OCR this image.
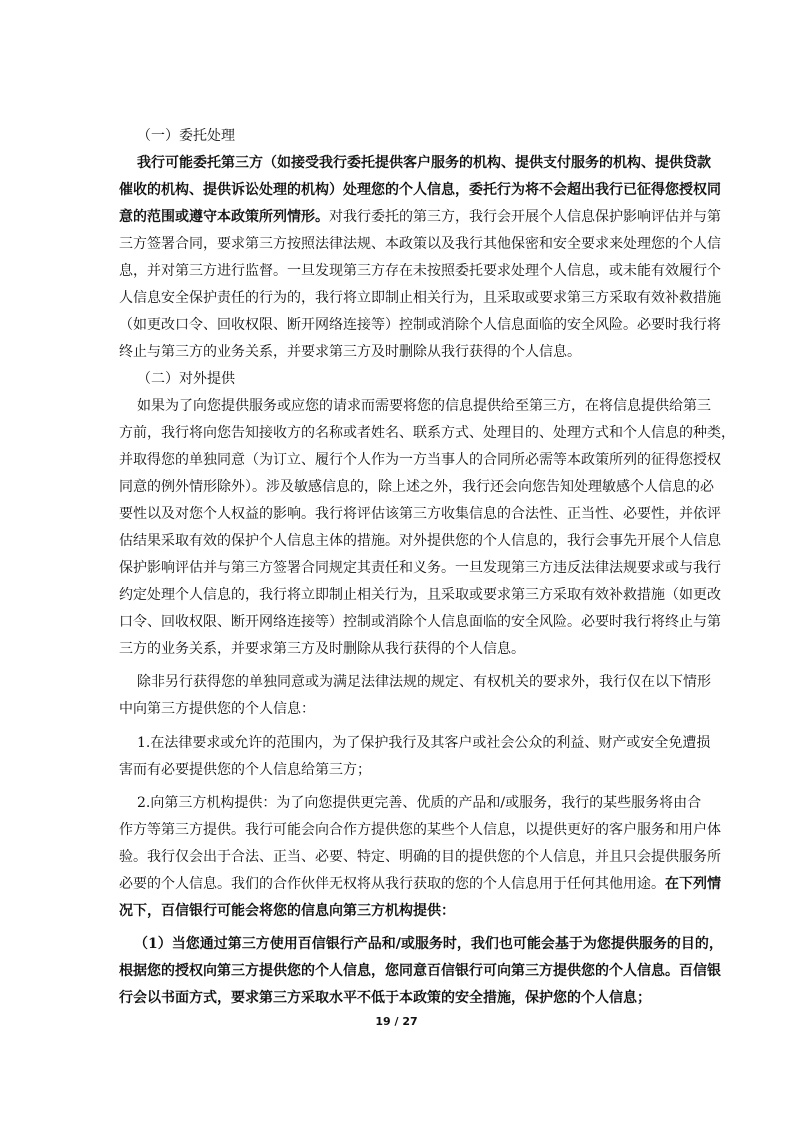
（一）委托处理
我行可能委托第三方（如接受我行委托提供客户服务的机构、提供支付服务的机构、提供贷款
催收的机构、提供诉讼处理的机构）处理您的个人信息，委托行为将不会超出我行已征得您授权同
意的范围或遵守本政策所列情形。对我行委托的第三方，我行会开展个人信息保护影响评估并与第
三方签署合同，要求第三方按照法律法规、本政策以及我行其他保密和安全要求来处理您的个人信
息，并对第三方进行监督。一旦发现第三方存在未按照委托要求处理个人信息，或未能有效履行个
人信息安全保护责任的行为的，我行将立即制止相关行为，且采取或要求第三方采取有效补救措施
（如更改口令、回收权限、断开网络连接等）控制或消除个人信息面临的安全风险。必要时我行将
终止与第三方的业务关系，并要求第三方及时删除从我行获得的个人信息。
（二）对外提供
如果为了向您提供服务或应您的请求而需要将您的信息提供给至第三方，在将信息提供给第三
方前，我行将向您告知接收方的名称或者姓名、联系方式、处理目的、处理方式和个人信息的种类，
并取得您的单独同意（为订立、履行个人作为一方当事人的合同所必需等本政策所列的征得您授权
同意的例外情形除外）。涉及敏感信息的，除上述之外，我行还会向您告知处理敏感个人信息的必
要性以及对您个人权益的影响。我行将评估该第三方收集信息的合法性、正当性、必要性，并依评
估结果采取有效的保护个人信息主体的措施。对外提供您的个人信息的，我行会事先开展个人信息
保护影响评估并与第三方签署合同规定其责任和义务。一旦发现第三方违反法律法规要求或与我行
约定处理个人信息的，我行将立即制止相关行为，且采取或要求第三方采取有效补救措施（如更改
口令、回收权限、断开网络连接等）控制或消除个人信息面临的安全风险。必要时我行将终止与第
三方的业务关系，并要求第三方及时删除从我行获得的个人信息。
除非另行获得您的单独同意或为满足法律法规的规定、有权机关的要求外，我行仅在以下情形
中向第三方提供您的个人信息：
1.在法律要求或允许的范围内，为了保护我行及其客户或社会公众的利益、财产或安全免遭损
害而有必要提供您的个人信息给第三方；
2.向第三方机构提供：为了向您提供更完善、优质的产品和/或服务，我行的某些服务将由合
作方等第三方提供。我行可能会向合作方提供您的某些个人信息，以提供更好的客户服务和用户体
验。我行仅会出于合法、正当、必要、特定、明确的目的提供您的个人信息，并且只会提供服务所
必要的个人信息。我们的合作伙伴无权将从我行获取的您的个人信息用于任何其他用途。在下列情
况下，百信银行可能会将您的信息向第三方机构提供：
（1）当您通过第三方使用百信银行产品和/或服务时，我们也可能会基于为您提供服务的目的，
根据您的授权向第三方提供您的个人信息，您同意百信银行可向第三方提供您的个人信息。百信银
行会以书面方式，要求第三方采取水平不低于本政策的安全措施，保护您的个人信息；
19 / 27
